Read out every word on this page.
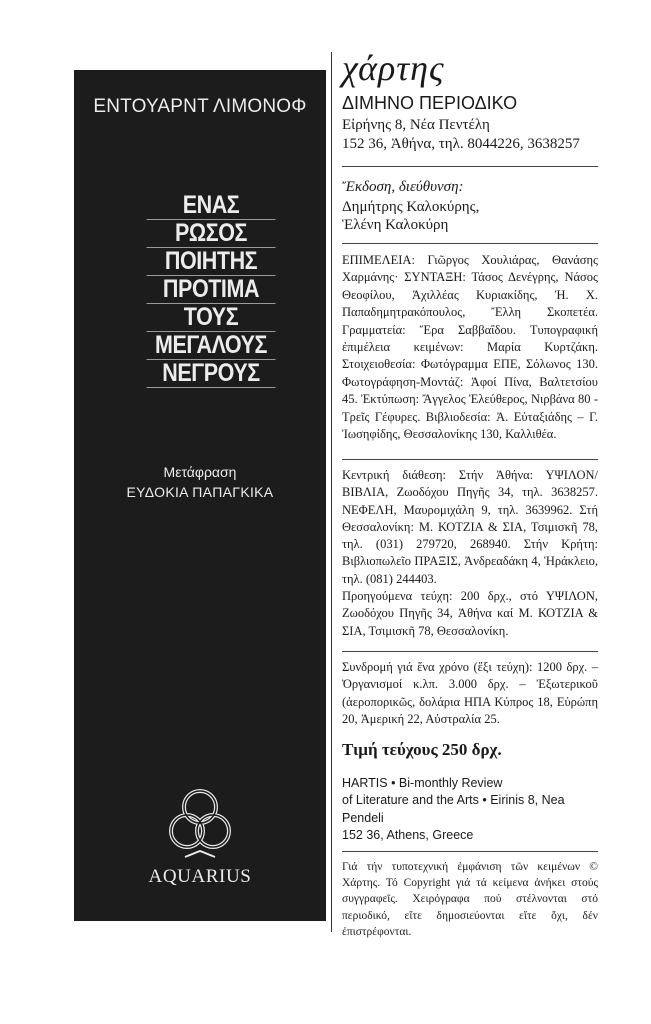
ΕΝΤΟΥΑΡΝΤ ΛΙΜΟΝΟΦ
ΕΝΑΣ
ΡΩΣΟΣ
ΠΟΙΗΤΗΣ
ΠΡΟΤΙΜΑ
ΤΟΥΣ
ΜΕΓΑΛΟΥΣ
ΝΕΓΡΟΥΣ
Μετάφραση
ΕΥΔΟΚΙΑ ΠΑΠΑΓΚΙΚΑ
AQUARIUS
χάρτης
ΔΙΜΗΝΟ ΠΕΡΙΟΔΙΚΟ

Εἰρήνης 8, Νέα Πεντέλη

152 36, Ἀθήνα, τηλ. 8044226, 3638257

Ἔκδοση, διεύθυνση:

Δημήτρης Καλοκύρης,

Ἑλένη Καλοκύρη

ΕΠΙΜΕΛΕΙΑ: Γιῶργος Χουλιάρας, Θανάσης Χαρμάνης· ΣΥΝΤΑΞΗ: Τάσος Δενέγρης, Νάσος Θεοφίλου, Ἀχιλλέας Κυριακίδης, Ἠ. Χ. Παπαδημητρακόπουλος, Ἔλλη Σκοπετέα. Γραμματεία: Ἔρα Σαββαΐδου. Τυπογραφική ἐπιμέλεια κειμένων: Μαρία Κυρτζάκη. Στοιχειοθεσία: Φωτόγραμμα ΕΠΕ, Σόλωνος 130. Φωτογράφηση-Μοντάζ: Ἀφοί Πίνα, Βαλτετσίου 45. Ἐκτύπωση: Ἄγγελος Ἐλεύθερος, Νιρβάνα 80 - Τρεῖς Γέφυρες. Βιβλιοδεσία: Ἀ. Εὐταξιάδης – Γ. Ἰωσηφίδης, Θεσσαλονίκης 130, Καλλιθέα.

Κεντρική διάθεση: Στήν Ἀθήνα: ΥΨΙΛΟΝ/ΒΙΒΛΙΑ, Ζωοδόχου Πηγῆς 34, τηλ. 3638257. ΝΕΦΕΛΗ, Μαυρομιχάλη 9, τηλ. 3639962. Στή Θεσσαλονίκη: Μ. ΚΟΤΖΙΑ & ΣΙΑ, Τσιμισκῆ 78, τηλ. (031) 279720, 268940. Στήν Κρήτη: Βιβλιοπωλεῖο ΠΡΑΞΙΣ, Ἀνδρεαδάκη 4, Ἡράκλειο, τηλ. (081) 244403.

Προηγούμενα τεύχη: 200 δρχ., στό ΥΨΙΛΟΝ, Ζωοδόχου Πηγῆς 34, Ἀθήνα καί Μ. ΚΟΤΖΙΑ & ΣΙΑ, Τσιμισκῆ 78, Θεσσαλονίκη.

Συνδρομή γιά ἕνα χρόνο (ἕξι τεύχη): 1200 δρχ. – Ὀργανισμοί κ.λπ. 3.000 δρχ. – Ἐξωτερικοῦ (ἀεροπορικῶς, δολάρια ΗΠΑ Κύπρος 18, Εὐρώπη 20, Ἀμερική 22, Αὐστραλία 25.
Τιμή τεύχους 250 δρχ.

HARTIS • Bi-monthly Review

of Literature and the Arts • Eirinis 8, Nea Pendeli

152 36, Athens, Greece

Γιά τήν τυποτεχνική ἐμφάνιση τῶν κειμένων © Χάρτης. Τό Copyright γιά τά κείμενα ἀνήκει στούς συγγραφεῖς. Χειρόγραφα πού στέλνονται στό περιοδικό, εἴτε δημοσιεύονται εἴτε ὄχι, δέν ἐπιστρέφονται.
